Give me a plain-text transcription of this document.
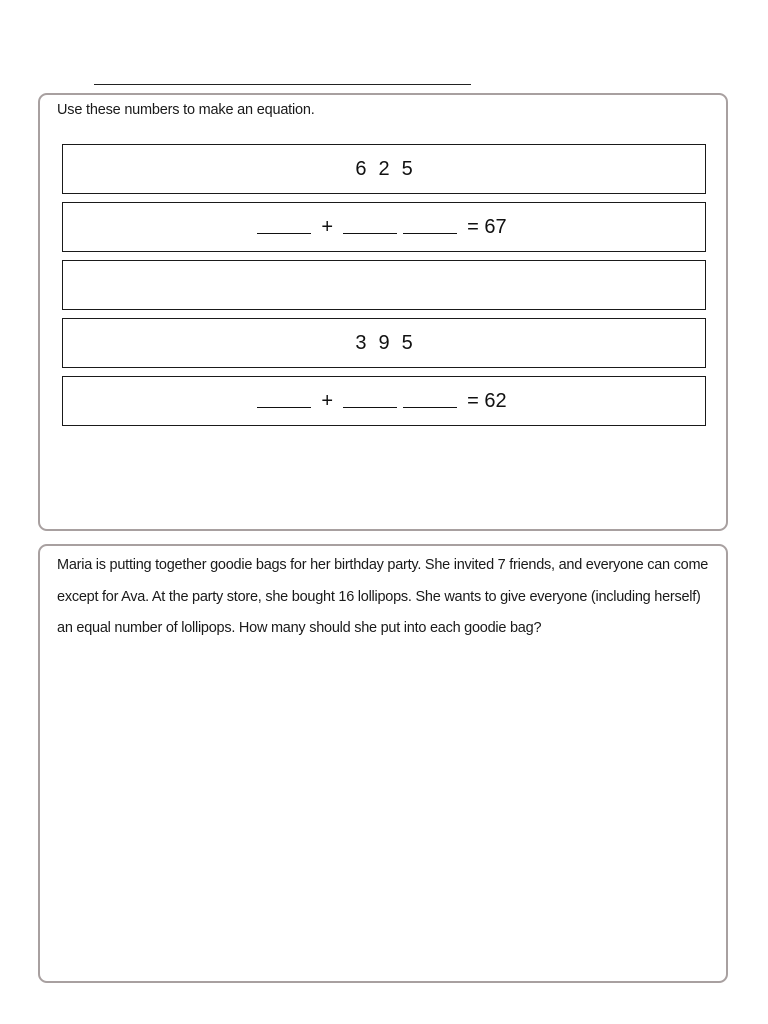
Use these numbers to make an equation.
6 2 5
+	= 67
3 9 5
+	= 62
Maria is putting together goodie bags for her birthday party. She invited 7 friends, and everyone can come except for Ava. At the party store, she bought 16 lollipops. She wants to give everyone (including herself) an equal number of lollipops. How many should she put into each goodie bag?
